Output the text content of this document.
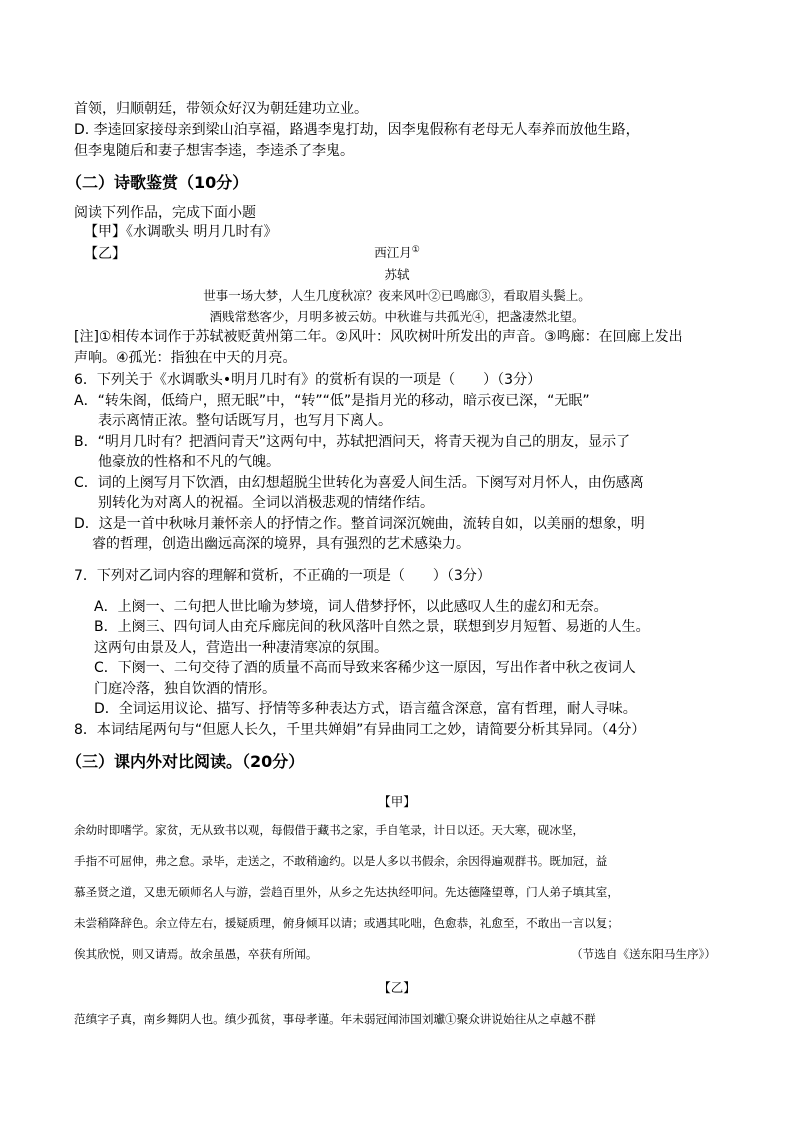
首领，归顺朝廷，带领众好汉为朝廷建功立业。
D. 李逵回家接母亲到梁山泊享福，路遇李鬼打劫，因李鬼假称有老母无人奉养而放他生路，
但李鬼随后和妻子想害李逵，李逵杀了李鬼。
（二）诗歌鉴赏（10分）
阅读下列作品，完成下面小题
【甲】《水调歌头 明月几时有》
【乙】	西江月①
苏轼
世事一场大梦，人生几度秋凉？夜来风叶②已鸣廊③，看取眉头鬓上。
酒贱常愁客少，月明多被云妨。中秋谁与共孤光④，把盏凄然北望。
[注]①相传本词作于苏轼被贬黄州第二年。②风叶：风吹树叶所发出的声音。③鸣廊：在回廊上发出
声响。④孤光：指独在中天的月亮。
6．下列关于《水调歌头•明月几时有》的赏析有误的一项是（　　）（3分）
A．“转朱阁，低绮户，照无眠”中，“转”“低”是指月光的移动，暗示夜已深，“无眠”
表示离情正浓。整句话既写月，也写月下离人。
B．“明月几时有？把酒问青天”这两句中，苏轼把酒问天，将青天视为自己的朋友，显示了
他豪放的性格和不凡的气魄。
C．词的上阕写月下饮酒，由幻想超脱尘世转化为喜爱人间生活。下阕写对月怀人，由伤感离
别转化为对离人的祝福。全词以消极悲观的情绪作结。
D．这是一首中秋咏月兼怀亲人的抒情之作。整首词深沉婉曲，流转自如，以美丽的想象，明
睿的哲理，创造出幽远高深的境界，具有强烈的艺术感染力。
7．下列对乙词内容的理解和赏析，不正确的一项是（　　）（3分）
A．上阕一、二句把人世比喻为梦境，词人借梦抒怀，以此感叹人生的虚幻和无奈。
B．上阕三、四句词人由充斥廊庑间的秋风落叶自然之景，联想到岁月短暂、易逝的人生。
这两句由景及人，营造出一种凄清寒凉的氛围。
C．下阕一、二句交待了酒的质量不高而导致来客稀少这一原因，写出作者中秋之夜词人
门庭冷落，独自饮酒的情形。
D．全词运用议论、描写、抒情等多种表达方式，语言蕴含深意，富有哲理，耐人寻味。
8．本词结尾两句与“但愿人长久，千里共婵娟”有异曲同工之妙，请简要分析其异同。（4分）
（三）课内外对比阅读。（20分）
【甲】
余幼时即嗜学。家贫，无从致书以观，每假借于藏书之家，手自笔录，计日以还。天大寒，砚冰坚，
手指不可屈伸，弗之怠。录毕，走送之，不敢稍逾约。以是人多以书假余，余因得遍观群书。既加冠，益
慕圣贤之道，又患无硕师名人与游，尝趋百里外，从乡之先达执经叩问。先达德隆望尊，门人弟子填其室，
未尝稍降辞色。余立侍左右，援疑质理，俯身倾耳以请；或遇其叱咄，色愈恭，礼愈至，不敢出一言以复；
俟其欣悦，则又请焉。故余虽愚，卒获有所闻。	（节选自《送东阳马生序》）
【乙】
范缜字子真，南乡舞阴人也。缜少孤贫，事母孝谨。年未弱冠闻沛国刘瓛①聚众讲说始往从之卓越不群
